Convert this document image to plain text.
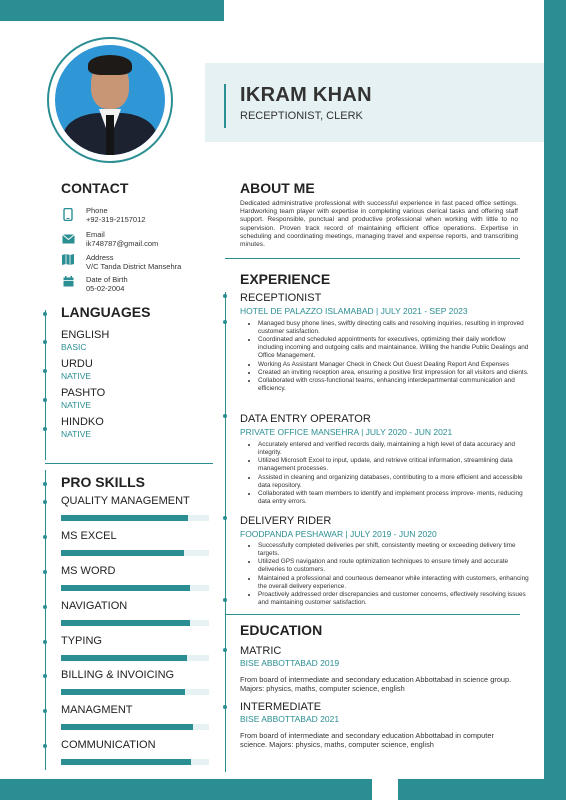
IKRAM KHAN
RECEPTIONIST, CLERK
CONTACT
Phone
+92-319-2157012
Email
ik748787@gmail.com
Address
V/C Tanda District Mansehra
Date of Birth
05-02-2004
LANGUAGES
ENGLISH
BASIC
URDU
NATIVE
PASHTO
NATIVE
HINDKO
NATIVE
PRO SKILLS
QUALITY MANAGEMENT
MS EXCEL
MS WORD
NAVIGATION
TYPING
BILLING & INVOICING
MANAGMENT
COMMUNICATION
ABOUT ME
Dedicated administrative professional with successful experience in fast paced office settings. Hardworking team player with expertise in completing various clerical tasks and offering staff support. Responsible, punctual and productive professional when working with little to no supervision. Proven track record of maintaining efficient office operations. Expertise in scheduling and coordinating meetings, managing travel and expense reports, and transcribing minutes.
EXPERIENCE
RECEPTIONIST
HOTEL DE PALAZZO ISLAMABAD | JULY 2021 - SEP 2023
• Managed busy phone lines, swiftly directing calls and resolving inquiries, resulting in improved customer satisfaction.
• Coordinated and scheduled appointments for executives, optimizing their daily workflow including incoming and outgoing calls and maintainance. Willing the handle Public Dealings and Office Management.
• Working As Assistant Manager Check in Check Out Guest Dealing Report And Expenses
• Created an inviting reception area, ensuring a positive first impression for all visitors and clients.
• Collaborated with cross-functional teams, enhancing interdepartmental communication and efficiency.
DATA ENTRY OPERATOR
PRIVATE OFFICE MANSEHRA | JULY 2020 - JUN 2021
• Accurately entered and verified records daily, maintaining a high level of data accuracy and integrity.
• Utilized Microsoft Excel to input, update, and retrieve critical information, streamlining data management processes.
• Assisted in cleaning and organizing databases, contributing to a more efficient and accessible data repository.
• Collaborated with team members to identify and implement process improve- ments, reducing data entry errors.
DELIVERY RIDER
FOODPANDA PESHAWAR | JULY 2019 - JUN 2020
• Successfully completed deliveries per shift, consistently meeting or exceeding delivery time targets.
• Utilized GPS navigation and route optimization techniques to ensure timely and accurate deliveries to customers.
• Maintained a professional and courteous demeanor while interacting with customers, enhancing the overall delivery experience.
• Proactively addressed order discrepancies and customer concerns, effectively resolving issues and maintaining customer satisfaction.
EDUCATION
MATRIC
BISE ABBOTTABAD 2019
From board of intermediate and secondary education Abbottabad in science group. Majors: physics, maths, computer science, english
INTERMEDIATE
BISE ABBOTTABAD 2021
From board of intermediate and secondary education Abbottabad in computer science. Majors: physics, maths, computer science, english
